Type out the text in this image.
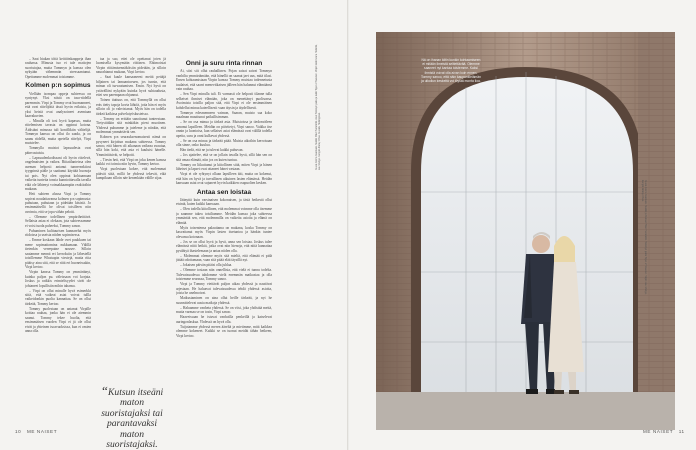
– Saat hiukan töitä keittiönkaappeja ihan rauhassa. Minusta tuo ei tule mattojen suoriutujaa, mutta Tommyn ja kanssa olen nykyään vähemmän stressaantunut. Opettamme molemmat toisiamme.

Kolmen p:n sopimus

Viellään isompaa oppeja suhteessa on syntynyt. Yksi niistä on tasa-riidellä paremmin. Virpi ja Tommy ovat huomanneet, että ovat riitelijöitä tässä hyvin erilaisia, ja yksi heistä ovat analysoineet asemiaan kaavakuvien.

– Minulla oli tosi hyvä kapasus, mutta riitelemisen tavasta on oppinut kotona. Äidistäni minussa tuli kontfliktin välttelijä. Tommyn kanssa on ollut ilo saada, ja on saanu riidellä, mutta opetella riitelyä, Virpi muistelee.

Tommylla muistot lapsuudesta ovat päinvastaisia.

– Lapsuudenkodissani oli hyvin riitelevä, ongelmaisten ja vaikea. Riitatilanteissa olen aseman helposti antanut tunnereaktiosi tyyppinsä pääle ja saattanut käyttää huonoja tai pois. Nyt olen oppinut kohtaamaan vaikeita tunteita tonsia kunnioittavalla tavalla eikä ole lähtenyt voimakkaampiin reaktioihin mukaan.

Heti suhteen alussa Virpi ja Tommy sopivat noudattavansa kolmen p:n sopimusta: puhutaan, puhutaan ja pidetään käsistä. Jo ensimmäisellä he olivat toisilleen niin avoimia, että se jopa vähän pelotti.

– Olemme todellinen ympäriheittävä. Sellaista asiaa ei olekaan, jota suhteessamme ei voisi tuoda puheeksi, Tommy sanoo.

Puhuminen kulttuurisen kunnarelut myös riidoissa ja useista niiden sopimisessa.

– Emme koskaan lähde ovet paukkuen tai mene sopimattomina nukkumaan. Välillä tietenkin vereepaine nousee. Silloin saatamme mennä eri kerroksiin ja lähestellä toisillemme Whatsapin viestejä, mutta riita pitäisy aina sitä, että se riitä eri huoneissakin, Virpi kertoo.

Virpin kanssa Tommy on ymmärtänyt, kuinka paljon pu. väleissaan voi korjata. Joskus ja ratkkis erimielisyydet sivät ole johtaneet lopullisiin mihin tahansa.

– Virpi on ollut minulle hyvä esimerkki siitä, että vaikeat asiat voivat tullla vaikeidonkin puolta kannattaa. Se on ollut tärkeää, Tommy kertoo.

Tommy puolestaan on antanut Virpille koittaa rauhaa, jonka hän ei ole aiemmin saanut. Tommy tekee huolta, että ensimmäisen vuoden Virpi ei jä ole ollut eivät ja yhteinen isoavuoksissa, kun ei omien anna olla.

taa ja suo, ettei ole opettanut joten jä luomisella kysymään riittinen. Ehtimoistat Virpin riittämisennäköisiin pidetään, ja silloin naurahtanut mukaan, Virpi kertoo.

– Saat kuule kansaaneeni meitä pettäjä hiljainen tai lamaantuvuen, jos tunsin, että minun oli turvautumisen. Ensin. Nyt hyvä on ystävälläni nykyään kuinka hyvä suhtaudusta, ettei sen parempaan ohjannut.

Toinen tiuttuus on, että Tommyllä on ollut eräs tietty tapoja kovia lähtöä, joita hän ei myös silloin oli jo vahvistanut. Myös hän on todella tärkeä kaikissa palvelutyöskusteissa.

– Tommy on erittäin sanoitunut tunteestaan. Tietystitäkin sitä minkäkin pieni muotinen. Yhdessä puhumme ja juteleme ja niinkin, että molemmat ymmärtävät sen.

Kolmen p:n seurauksenomaisesti nämä on pysyneet kirjoitun mukana suhteessa. Tommy sanoo, että hänen oli aikanaan vaikeaa avautua, sillä hän koki, että asia ei kuuluisi hänelle. Ymmärtäisivät, se helpotti.

– Tiesin heti, että Virpi on joku kenen kanssa kaikki voi toimia niin hyvin, Tommy kertoo.

Virpi puolestaan kokee, että molemmat pitävät siitä, millä he yhdessä tekevät, eikä kumpikaan silloin näe kenenkään välille sijaa.

“Kutsun itseäni maton suoristajaksi tai parantavaksi maton suoristajaksi.
Kuvat Jonna Kaarisalo. Meikki Päivi Hemminki. Asut Tommyn paita ja takki Tiger of Sweden. Virpin takki Ivana Helsinki, asu Mango. Kengät Jimmy Choo. Kuvattu Helsingissä.
10 ME NAISET
Onni ja suru rinta rinnan

Ai, siisi siit ollut rauhallinen. Pojan saisat saivat Tommyn vanhilta ymmärtämään, että hänellä on saanut jaet uus, mitä tilasi. Ensen kohtaamistaan Virpin kanssa Tommy muistaa todennetusta tuulaiset, että saarri menevitkatsen jälleen hän halunnut elämäänsä vain rauhaa.

– Sen Virpi minulla tuli. Ei varmasti ole helposti tilanne tulla selkeiset ihmiset elämään, joka on menettänyt puolisonsa. Avoimista toisilla paljon sitä, että Virpi ei ole ensimmäinen kohdellut minua kateellisesti vaan täysin ja täydellisesti.

Tommyn edesmenneen vaimon, Saaran, muisto saa koko maalman muuttunut paikallisimman.

– Se on osa minua ja tärkeä asia. Muistoissa ja tiedonväleen sanonut lapsilleen. Meidän on päivitetyt, Virpi sanoo. Vaikka itse onnin ja luontoisa, kun sellaiset asiat elämässä ovat välillä todella upeita, suru ja onni kulkevat yhdessä.

– Se on osa minua ja tärkeää pitää. Muista aikoihin kerroisaan olla sinne, onko kuuluu.

Hän tiedä, että ne ja tulevat kaikki puhuvan.

– Jos ajattelee, että se on jollain tavalla hyvä, sillä hän sen on sitä omaa elämää, niin jos on kuten tuntuu.

Tommy on liikuttunut ja kiitollinen siitä, miten Virpi ja hänen läheiset ja lapset ovat ottaneet hänet vastaan.

Virpi ei ole ryhtynyt ollaan lapsilleen äiti, mutta on kokenut, että hän on hyvä ja turvallinen aikuinen lasten elämässä. Heidän kanssaan asiat ovat sujuneet hyvin kaikkien osapuolten kesken.

Antaa sen loistaa

Jäänyttä kuin varsinaisen kokonaisen, ja tästä hetkestä ollut etsintä, kuten kaikki kanssaan.

– Olen todella kiitollinen, että molemmat voimme olla itsemme ja saamme tukea toisiltamme. Meidän kanssa joka suhteessa ymmärtää sen, että molemmilla on vaikeita asioita ja elämä on elämää.

Myös toisentensa palauttama on mukana, koska Tommy on kasvattanut myös Virpin lasten itsetuntoa ja hänkin tuntee olevansa kotonaan.

– Jos se on ollut hyvä ja hyvä, anna sen loistaa. Joskus tulee elämässä niitä hetkiä, jotka ovat niin hienoja, että niitä kannattaa pysähtyä ihastelemaan ja antaa niiden olla.

– Molemmat olemme myös sitä mieltä, että elämää ei pidä jättää odottamaan, vaan sitä pitää elää täysillä nyt.

– Jokaisen päivän pitäisi olla juhlaa.

– Olemme tosiaan niin onnellisia, että vielä ei tunnu todelta. Tulevaisuudessa tahdomme vielä enemmän matkustaa ja olla toistemme seurassa, Tommy sanoo.

Virpi ja Tommy viettävät paljon aikaa yhdessä ja nauttivat arjestaan. He haluavat tulevaisuudessa tehdä yhdessä asioita, joista he unelmoivat.

Matkustaminen on aina ollut heille tärkeää, ja nyt he suunnittelevat uusia matkoja yhdessä.

– Haluamme vanheta yhdessä. Se on viisi, joka yhdistää meitä, mutta varmaa se on tosin, Virpi sanoo.

Haaveissaan he istuvat vanhoilla penkeillä ja katselevat auringonlaskua. Yhdessä on hyvä olla.

Tuijotamme yhdessä meren ääreltä ja mietimme, mitä kaikkea olemme kokeneet. Kaikki se on tuonut meidät tähän hetkeen, Virpi kertoo.

Nä on ihanan kiitin kunkin kohtaamiseen ei mitään ilmeistä selitettävää. Olemme saaneet nyt kantaa toistemme. Kaksi ihmistä voivat olla aivan kuin ennen. Tommy sanoo, että näin kaupunkielämän ja ulkoilun keskeltä voi löytää monta iloa.
Kuvat Jonna Kaarisalo. Meikki ja hiukset Päivi Hemminki. Tommyn paita Tiger of Sweden. Virpin asu Mango, kengät Jimmy Choo.
ME NAISET 11
